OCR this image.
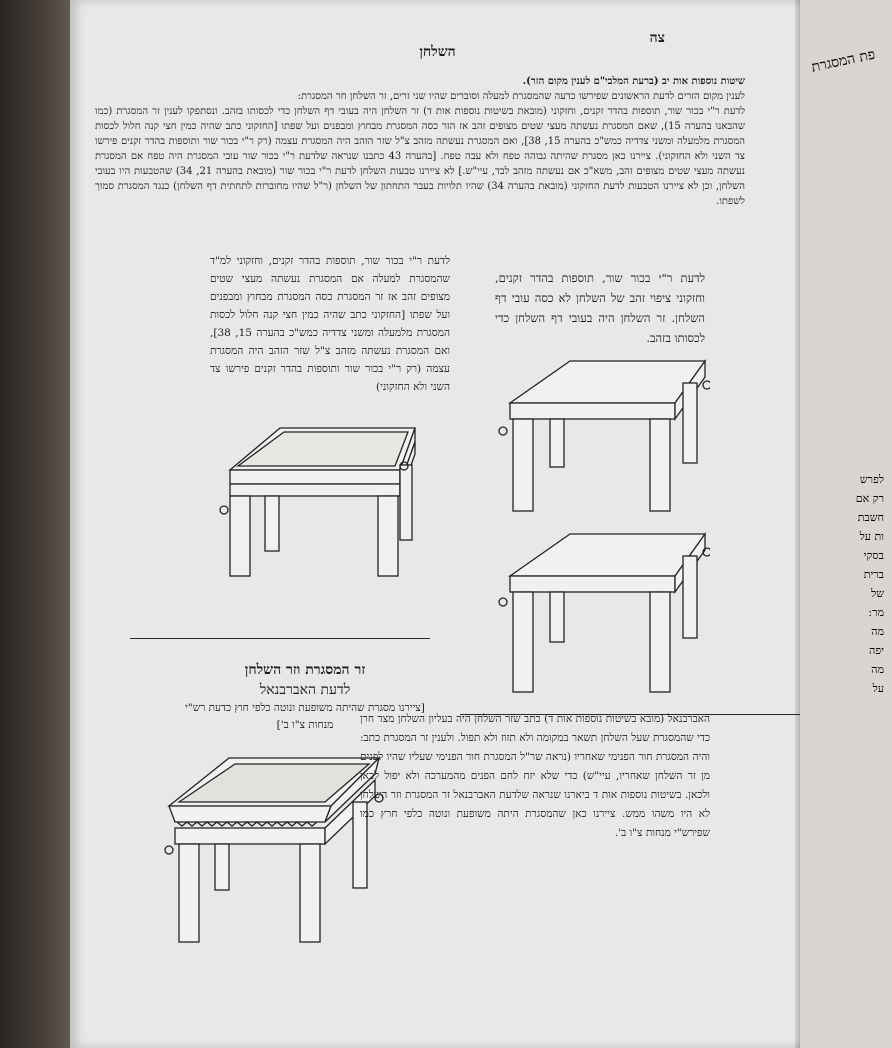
צה
השלחן

שיטות נוספות אות יב (ברעת המלבי"ם לענין מקום הזר).

לענין מקום הזרים לדעת הראשונים שפירשו כדעה שהמסגרת למעלה וסוברים שהיו שני זרים, זר השלחן חר המסגרת:

לדעת ר"י בכור שור, תוספות בהדר זקנים, וחזקוני (מובאת בשיטות נוספות אות ד) זר השלחן היה בעובי דף השלחן כדי לכסותו בזהב. ונסתפקו לענין זר המסגרת (כמו שהבאנו בהערה 15), שאם המסגרת נעשתה מעצי שטים מצופים זהב אז הזר כסה המסגרת מבחוץ ומבפנים ועל שפתו [החזקוני כתב שהיה כמין חצי קנה חלול לכסות המסגרת מלמעלה ומשני צדדיה כמש"כ בהערה 15, 38], ואם המסגרת נעשתה מזהב צ"ל שזר הזהב היה המסגרת עצמה (רק ר"י בכור שור ותוספות בהדר זקנים פירשו צד השני ולא החזקוני). ציירנו כאן מסגרת שהיתה גבוהה טפח ולא עבה טפח. [בהערה 43 כתבנו שנראה שלדעת ר"י בכור שור עובי המסגרת היה טפח אם המסגרת נעשתה מעצי שטים מצופים זהב, משא"כ אם נעשתה מזהב לבד, עיי"ש.] לא ציירנו טבעות השלחן לדעת ר"י בכור שור (מובאת בהערה 21, 34) שהטבעות היו בעובי השלחן, וכן לא ציירנו הטבעות לדעת החזקוני (מובאת בהערה 34) שהיו תלויות בעבר התחתון של השלחן (ר"ל שהיו מחוברות לתחתית דף השלחן) כנגד המסגרת סמוך לשפתו.

לדעת ר"י בכור שור, תוספות בהדר זקנים, וחזקוני ציפוי זהב של השלחן לא כסה עובי דף השלחן. זר השלחן היה בעובי דף השלחן כדי לכסותו בזהב.
לדעת ר"י בכור שור, תוספות בהדר זקנים, וחזקוני למ"ד שהמסגרת למעלה אם המסגרת נעשתה מעצי שטים מצופים זהב אז זר המסגרת כסה המסגרת מבחוץ ומבפנים ועל שפתו [החזקוני כתב שהיה כמין חצי קנה חלול לכסות המסגרת מלמעלה ומשני צדדיה כמש"כ בהערה 15, 38], ואם המסגרת נעשתה מזהב צ"ל שזר הזהב היה המסגרת עצמה (רק ר"י בכור שור ותוספות בהדר זקנים פירשו צד השני ולא החזקוני)
זר המסגרת וזר השלחן
לדעת האברבנאל
[ציירנו מסגרת שהיתה משופעת ונוטה כלפי חוץ כדעת רש"י מנחות צ"ו ב']	האברבנאל (מובא בשיטות נוספות אות ד) כתב שזר השלחן היה בעליון השלחן מצד חרן כדי שהמסגרת שעל השלחן תשאר במקומה ולא תזוז ולא תפול. ולענין זר המסגרת כתב: והיה המסגרת חור הפנימי שאחריו (נראה שר"ל המסגרת חור הפנימי שעליו שהיו לפנים מן זר השלחן שאחריו, עיי"ש) כדי שלא יזח לחם הפנים מהמערכה ולא יפול לכאן ולכאן. בשיטות נוספות אות ד ביארנו שנראה שלדעת האברבנאל זר המסגרת וזר השלחן לא היו משהו ממש. ציירנו כאן שהמסגרת היתה משופעת ונוטה כלפי חרץ כמו שפירש"י מנחות צ"ו ב'.
פת המסגרת
לפרש
רק אם
חשבת
ות על
בסקי
ברית
של
מר:
מה
יפה
מה
על
